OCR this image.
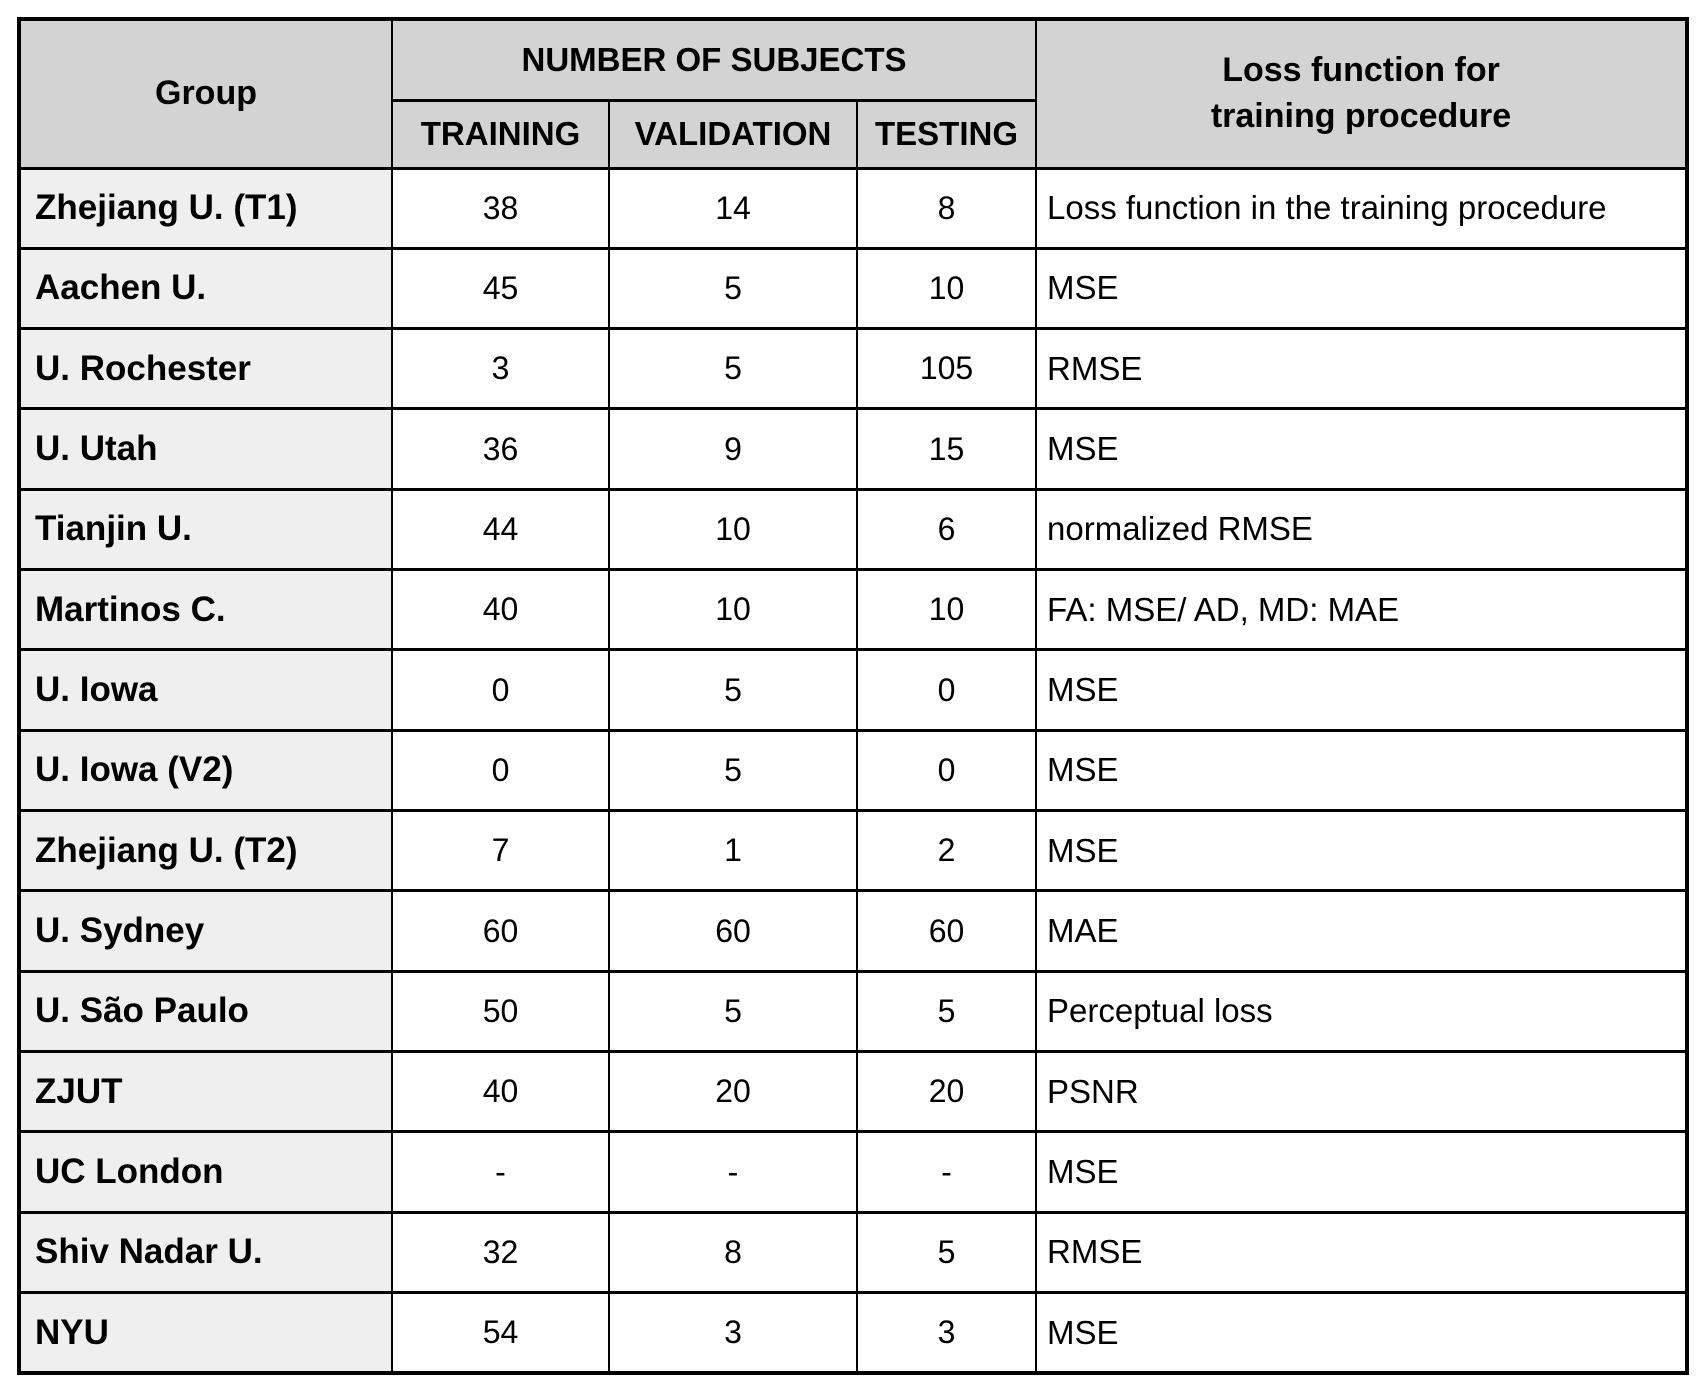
Group	NUMBER OF SUBJECTS			Loss function for
training procedure

	TRAINING	VALIDATION	TESTING	
Zhejiang U. (T1)	38	14	8	Loss function in the training procedure
Aachen U.	45	5	10	MSE
U. Rochester	3	5	105	RMSE
U. Utah	36	9	15	MSE
Tianjin U.	44	10	6	normalized RMSE
Martinos C.	40	10	10	FA: MSE/ AD, MD: MAE
U. Iowa	0	5	0	MSE
U. Iowa (V2)	0	5	0	MSE
Zhejiang U. (T2)	7	1	2	MSE
U. Sydney	60	60	60	MAE
U. São Paulo	50	5	5	Perceptual loss
ZJUT	40	20	20	PSNR
UC London	-	-	-	MSE
Shiv Nadar U.	32	8	5	RMSE
NYU	54	3	3	MSE
